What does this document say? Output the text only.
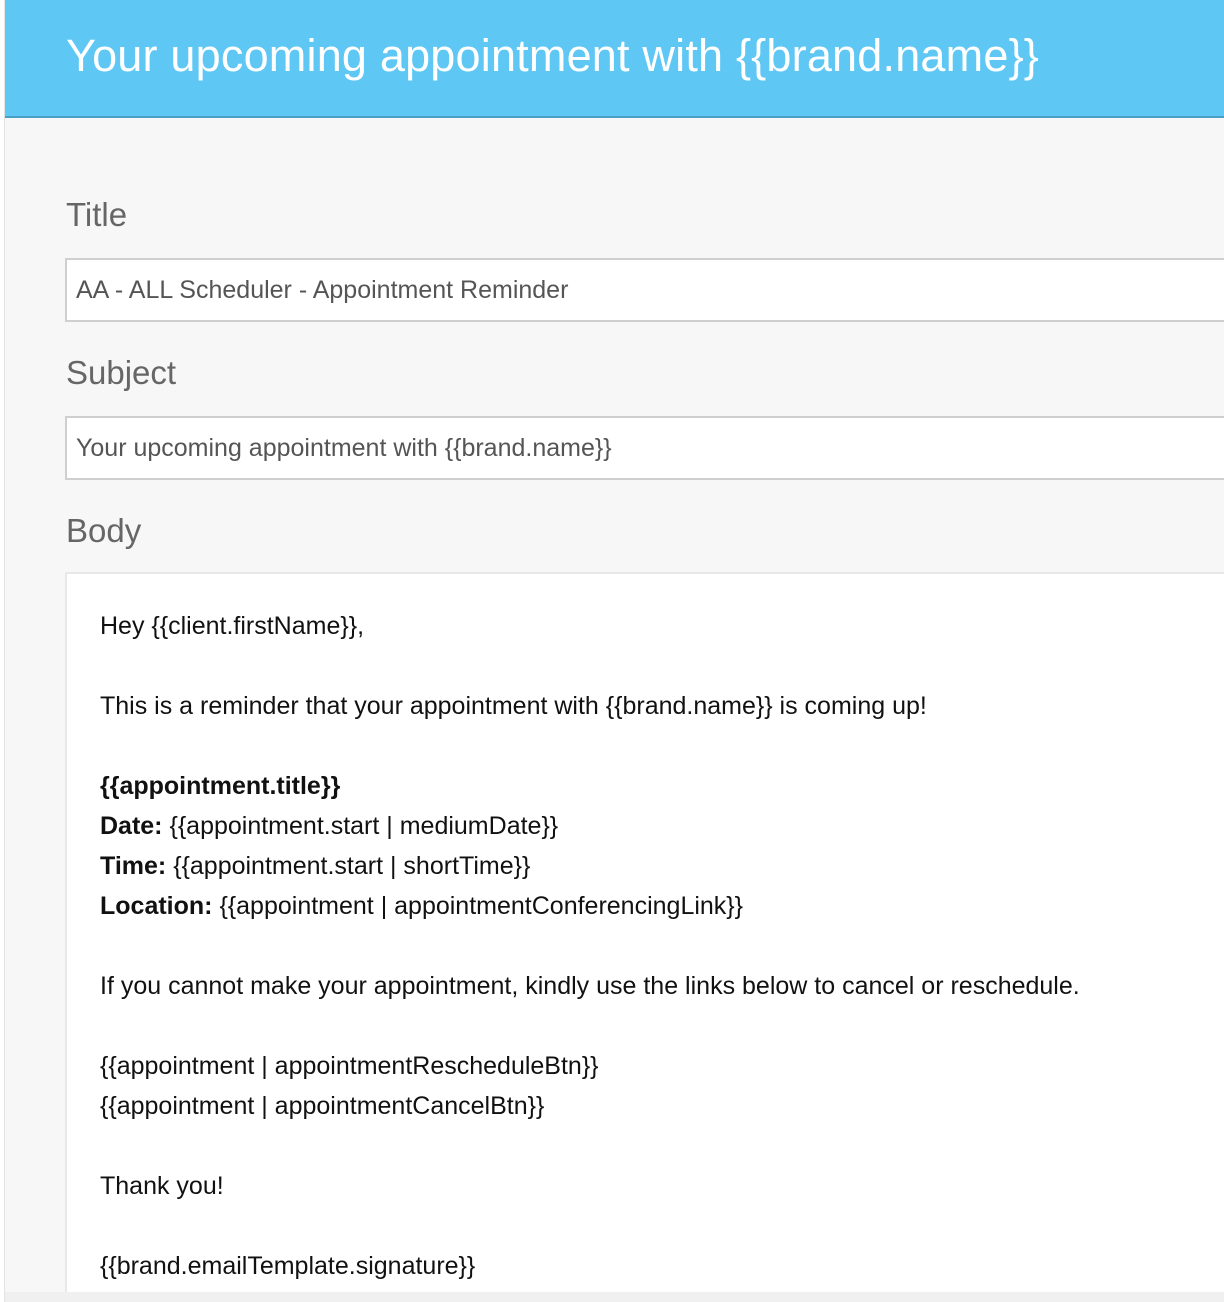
Your upcoming appointment with {{brand.name}}
Title
AA - ALL Scheduler - Appointment Reminder
Subject
Your upcoming appointment with {{brand.name}}
Body
Hey {{client.firstName}},
This is a reminder that your appointment with {{brand.name}} is coming up!
{{appointment.title}}
Date: {{appointment.start | mediumDate}}
Time: {{appointment.start | shortTime}}
Location: {{appointment | appointmentConferencingLink}}
If you cannot make your appointment, kindly use the links below to cancel or reschedule.
{{appointment | appointmentRescheduleBtn}}
{{appointment | appointmentCancelBtn}}
Thank you!
{{brand.emailTemplate.signature}}
